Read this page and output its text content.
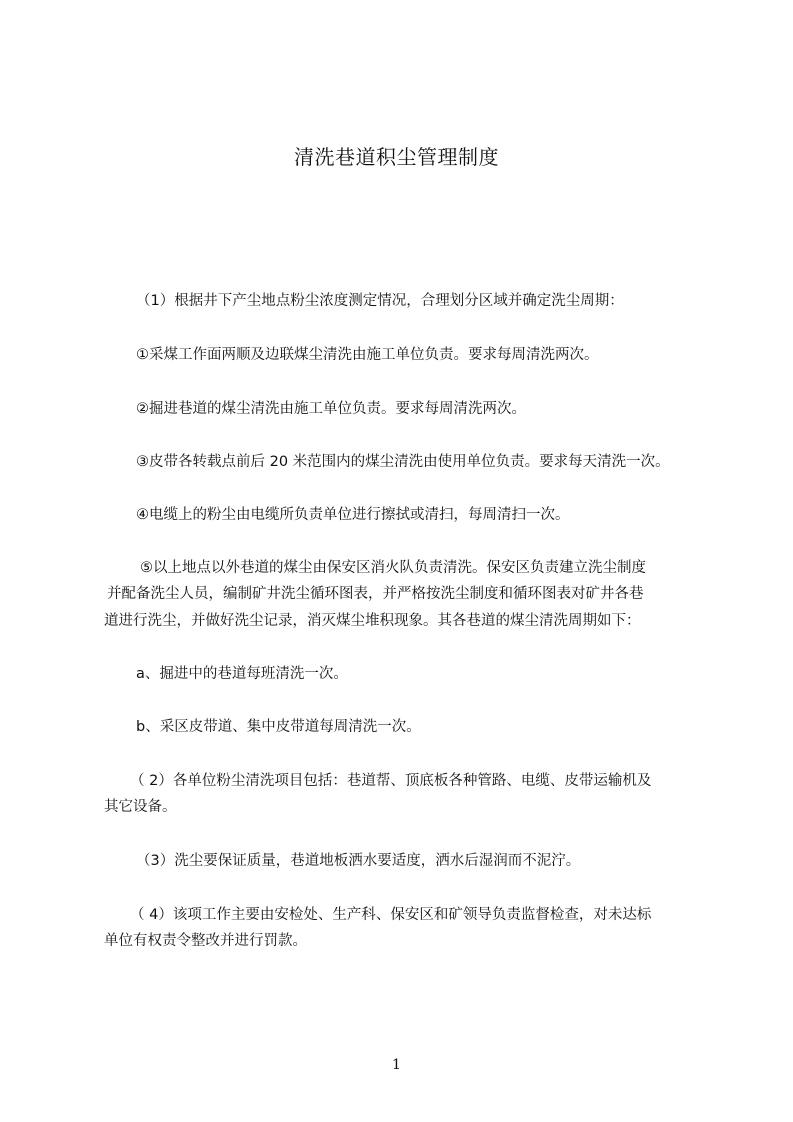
清洗巷道积尘管理制度
（1）根据井下产尘地点粉尘浓度测定情况，合理划分区域并确定洗尘周期：
①采煤工作面两顺及边联煤尘清洗由施工单位负责。要求每周清洗两次。
②掘进巷道的煤尘清洗由施工单位负责。要求每周清洗两次。
③皮带各转载点前后 20 米范围内的煤尘清洗由使用单位负责。要求每天清洗一次。
④电缆上的粉尘由电缆所负责单位进行擦拭或清扫，每周清扫一次。
⑤以上地点以外巷道的煤尘由保安区消火队负责清洗。保安区负责建立洗尘制度
并配备洗尘人员，编制矿井洗尘循环图表，并严格按洗尘制度和循环图表对矿井各巷
道进行洗尘，并做好洗尘记录，消灭煤尘堆积现象。其各巷道的煤尘清洗周期如下：
a、掘进中的巷道每班清洗一次。
b、采区皮带道、集中皮带道每周清洗一次。
（ 2）各单位粉尘清洗项目包括：巷道帮、顶底板各种管路、电缆、皮带运输机及
其它设备。
（3）洗尘要保证质量，巷道地板洒水要适度，洒水后湿润而不泥泞。
（ 4）该项工作主要由安检处、生产科、保安区和矿领导负责监督检查，对未达标
单位有权责令整改并进行罚款。
1
